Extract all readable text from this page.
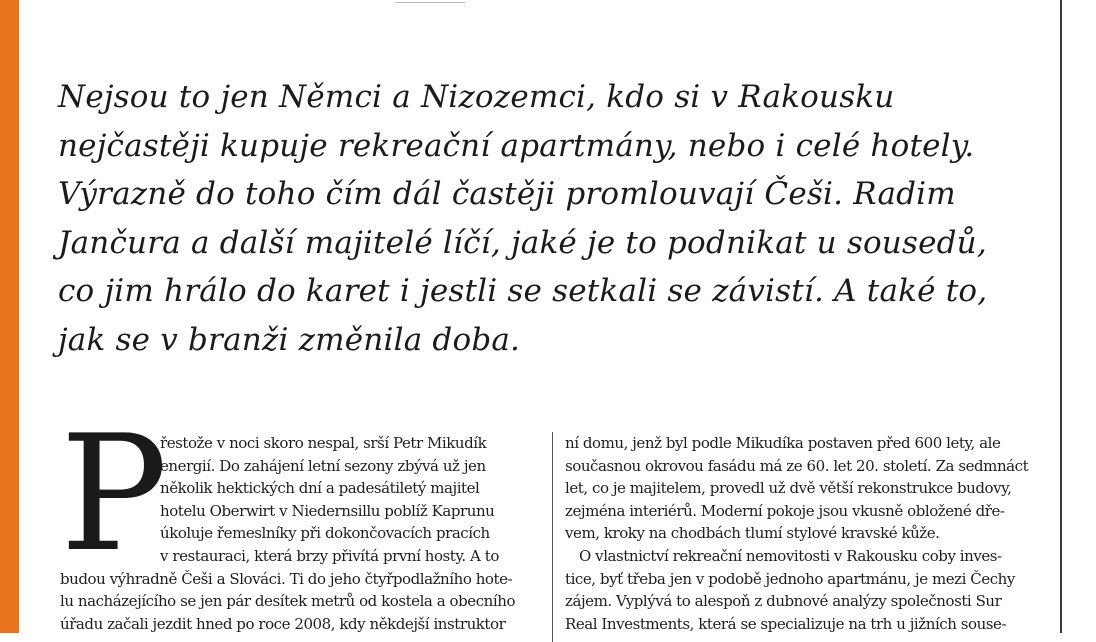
Nejsou to jen Němci a Nizozemci, kdo si v Rakousku
nejčastěji kupuje rekreační apartmány, nebo i celé hotely.
Výrazně do toho čím dál častěji promlouvají Češi. Radim
Jančura a další majitelé líčí, jaké je to podnikat u sousedů,
co jim hrálo do karet i jestli se setkali se závistí. A také to,
jak se v branži změnila doba.

P
řestože v noci skoro nespal, srší Petr Mikudík
energií. Do zahájení letní sezony zbývá už jen
několik hektických dní a padesátiletý majitel
hotelu Oberwirt v Niedernsillu poblíž Kaprunu
úkoluje řemeslníky při dokončovacích pracích
v restauraci, která brzy přivítá první hosty. A to
budou výhradně Češi a Slováci. Ti do jeho čtyřpodlažního hote-
lu nacházejícího se jen pár desítek metrů od kostela a obecního
úřadu začali jezdit hned po roce 2008, kdy někdejší instruktor
ní domu, jenž byl podle Mikudíka postaven před 600 lety, ale
současnou okrovou fasádu má ze 60. let 20. století. Za sedmnáct
let, co je majitelem, provedl už dvě větší rekonstrukce budovy,
zejména interiérů. Moderní pokoje jsou vkusně obložené dře-
vem, kroky na chodbách tlumí stylové kravské kůže.
O vlastnictví rekreační nemovitosti v Rakousku coby inves-
tice, byť třeba jen v podobě jednoho apartmánu, je mezi Čechy
zájem. Vyplývá to alespoň z dubnové analýzy společnosti Sur
Real Investments, která se specializuje na trh u jižních souse-
